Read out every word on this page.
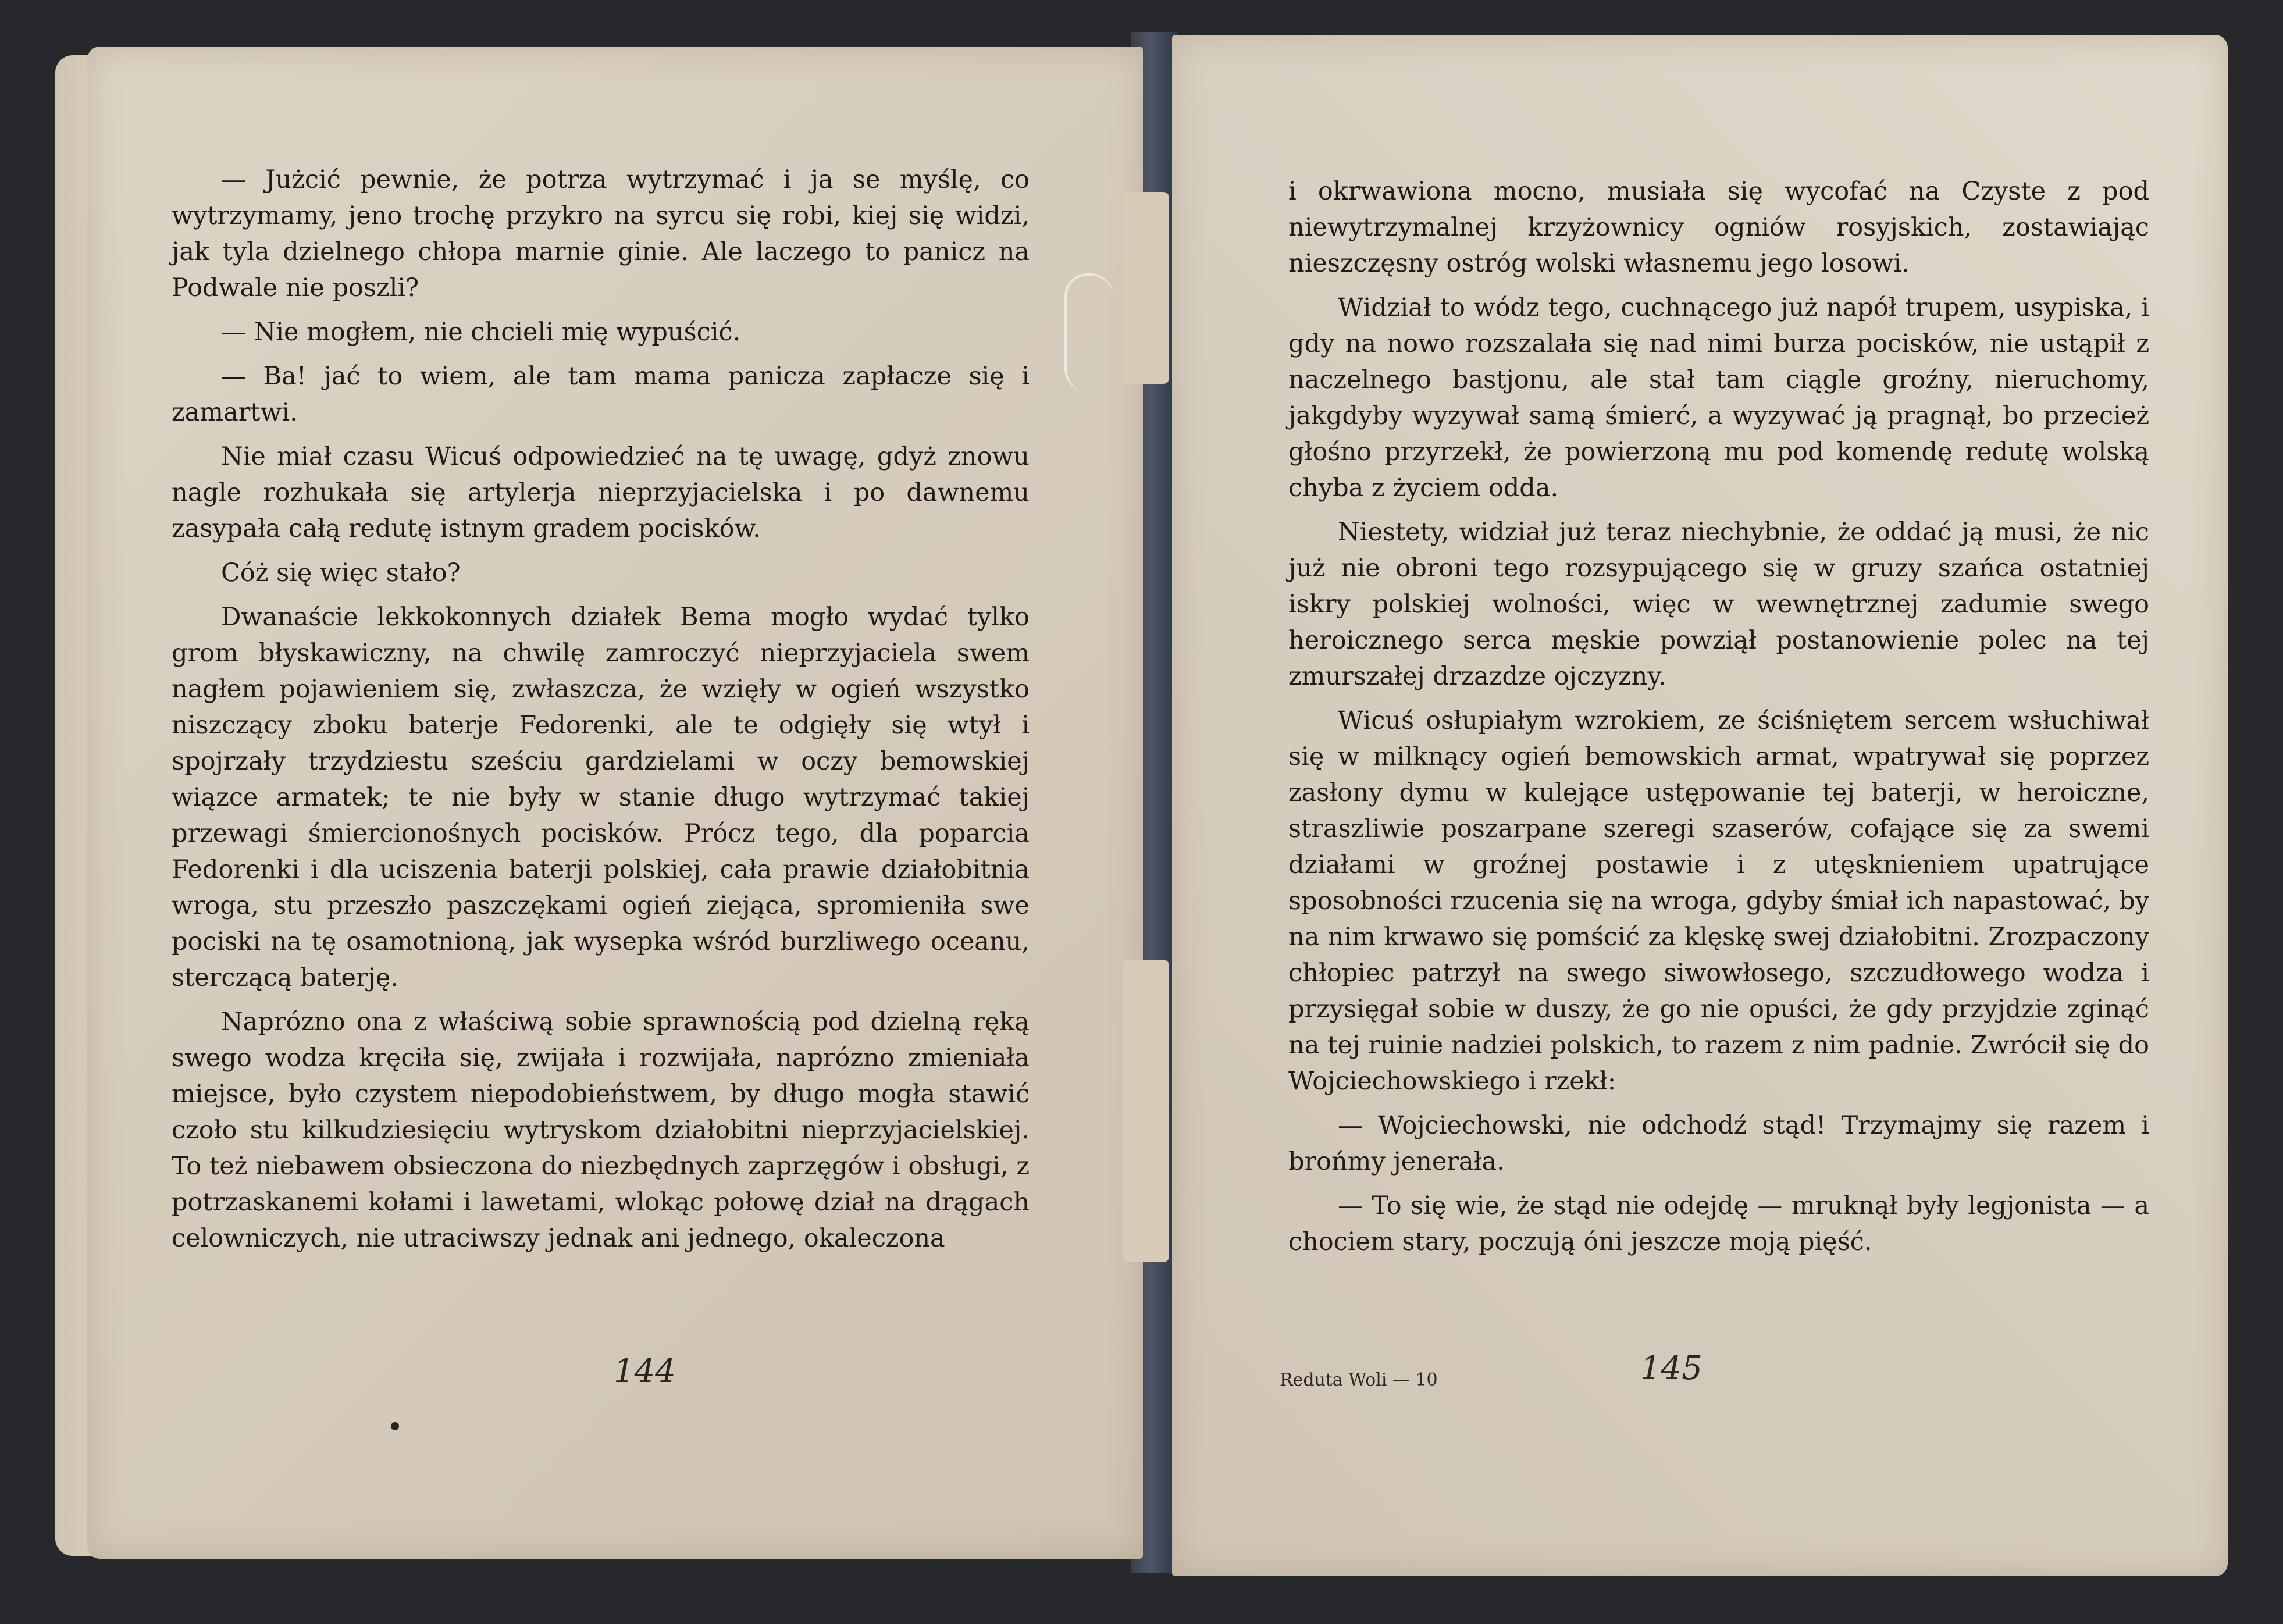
— Jużcić pewnie, że potrza wytrzymać i ja se myślę, co wytrzymamy, jeno trochę przykro na syrcu się robi, kiej się widzi, jak tyla dzielnego chłopa marnie ginie. Ale laczego to panicz na Podwale nie poszli?

— Nie mogłem, nie chcieli mię wypuścić.

— Ba! jać to wiem, ale tam mama panicza zapłacze się i zamartwi.

Nie miał czasu Wicuś odpowiedzieć na tę uwagę, gdyż znowu nagle rozhukała się artylerja nieprzyjacielska i po dawnemu zasypała całą redutę istnym gradem pocisków.

Cóż się więc stało?

Dwanaście lekkokonnych działek Bema mogło wydać tylko grom błyskawiczny, na chwilę zamroczyć nieprzyjaciela swem nagłem pojawieniem się, zwłaszcza, że wzięły w ogień wszystko niszczący zboku baterje Fedorenki, ale te odgięły się wtył i spojrzały trzydziestu sześciu gardzielami w oczy bemowskiej wiązce armatek; te nie były w stanie długo wytrzymać takiej przewagi śmiercionośnych pocisków. Prócz tego, dla poparcia Fedorenki i dla uciszenia baterji polskiej, cała prawie działobitnia wroga, stu przeszło paszczękami ogień ziejąca, spromieniła swe pociski na tę osamotnioną, jak wysepka wśród burzliwego oceanu, sterczącą baterję.

Naprózno ona z właściwą sobie sprawnością pod dzielną ręką swego wodza kręciła się, zwijała i rozwijała, naprózno zmieniała miejsce, było czystem niepodobieństwem, by długo mogła stawić czoło stu kilkudziesięciu wytryskom działobitni nieprzyjacielskiej. To też niebawem obsieczona do niezbędnych zaprzęgów i obsługi, z potrzaskanemi kołami i lawetami, wlokąc połowę dział na drągach celowniczych, nie utraciwszy jednak ani jednego, okaleczona

144

i okrwawiona mocno, musiała się wycofać na Czyste z pod niewytrzymalnej krzyżownicy ogniów rosyjskich, zostawiając nieszczęsny ostróg wolski własnemu jego losowi.

Widział to wódz tego, cuchnącego już napół trupem, usypiska, i gdy na nowo rozszalała się nad nimi burza pocisków, nie ustąpił z naczelnego bastjonu, ale stał tam ciągle groźny, nieruchomy, jakgdyby wyzywał samą śmierć, a wyzywać ją pragnął, bo przecież głośno przyrzekł, że powierzoną mu pod komendę redutę wolską chyba z życiem odda.

Niestety, widział już teraz niechybnie, że oddać ją musi, że nic już nie obroni tego rozsypującego się w gruzy szańca ostatniej iskry polskiej wolności, więc w wewnętrznej zadumie swego heroicznego serca męskie powziął postanowienie polec na tej zmurszałej drzazdze ojczyzny.

Wicuś osłupiałym wzrokiem, ze ściśniętem sercem wsłuchiwał się w milknący ogień bemowskich armat, wpatrywał się poprzez zasłony dymu w kulejące ustępowanie tej baterji, w heroiczne, straszliwie poszarpane szeregi szaserów, cofające się za swemi działami w groźnej postawie i z utęsknieniem upatrujące sposobności rzucenia się na wroga, gdyby śmiał ich napastować, by na nim krwawo się pomścić za klęskę swej działobitni. Zrozpaczony chłopiec patrzył na swego siwowłosego, szczudłowego wodza i przysięgał sobie w duszy, że go nie opuści, że gdy przyjdzie zginąć na tej ruinie nadziei polskich, to razem z nim padnie. Zwrócił się do Wojciechowskiego i rzekł:

— Wojciechowski, nie odchodź stąd! Trzymajmy się razem i brońmy jenerała.

— To się wie, że stąd nie odejdę — mruknął były legjonista — a chociem stary, poczują óni jeszcze moją pięść.

Reduta Woli — 10	145
